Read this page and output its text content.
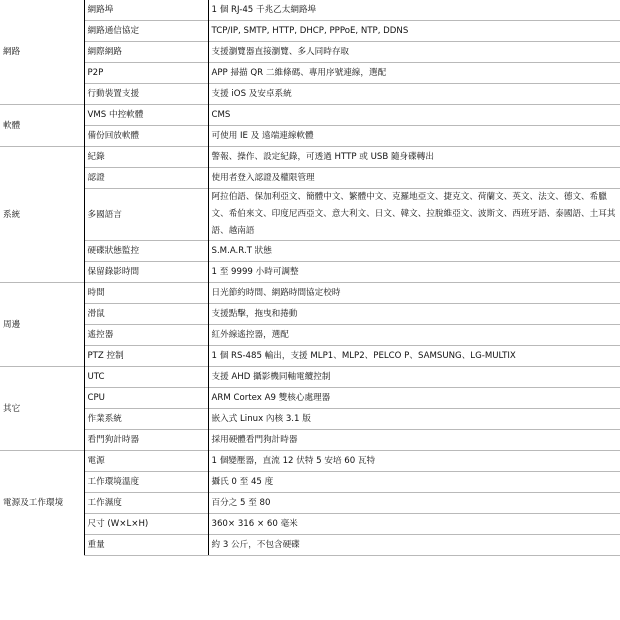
網路	網路埠	1 個 RJ-45 千兆乙太網路埠
	網路通信協定	TCP/IP, SMTP, HTTP, DHCP, PPPoE, NTP, DDNS
	網際網路	支援瀏覽器直接瀏覽、多人同時存取
	P2P	APP 掃描 QR 二維條碼、專用序號連線，選配
	行動裝置支援	支援 iOS 及安卓系統
軟體	VMS 中控軟體	CMS
	備份回放軟體	可使用 IE 及 遠端連線軟體
系統	紀錄	警報、操作、設定紀錄，可透過 HTTP 或 USB 隨身碟轉出
	認證	使用者登入認證及權限管理
	多國語言	阿拉伯語、保加利亞文、簡體中文、繁體中文、克羅地亞文、捷克文、荷蘭文、英文、法文、德文、希臘文、希伯來文、印度尼西亞文、意大利文、日文、韓文、拉脫維亞文、波斯文、西班牙語、泰國語、土耳其語、越南語
	硬碟狀態監控	S.M.A.R.T 狀態
	保留錄影時間	1 至 9999 小時可調整
周邊	時間	日光節約時間、網路時間協定校時
	滑鼠	支援點擊，拖曳和捲動
	遙控器	紅外線遙控器，選配
	PTZ 控制	1 個 RS-485 輸出，支援 MLP1、MLP2、PELCO P、SAMSUNG、LG-MULTIX
其它	UTC	支援 AHD 攝影機同軸電纜控制
	CPU	ARM Cortex A9 雙核心處理器
	作業系統	嵌入式 Linux 內核 3.1 版
	看門狗計時器	採用硬體看門狗計時器
電源及工作環境	電源	1 個變壓器，直流 12 伏特 5 安培 60 瓦特
	工作環境溫度	攝氏 0 至 45 度
	工作濕度	百分之 5 至 80
	尺寸 (W×L×H)	360× 316 × 60 毫米
	重量	約 3 公斤，不包含硬碟
